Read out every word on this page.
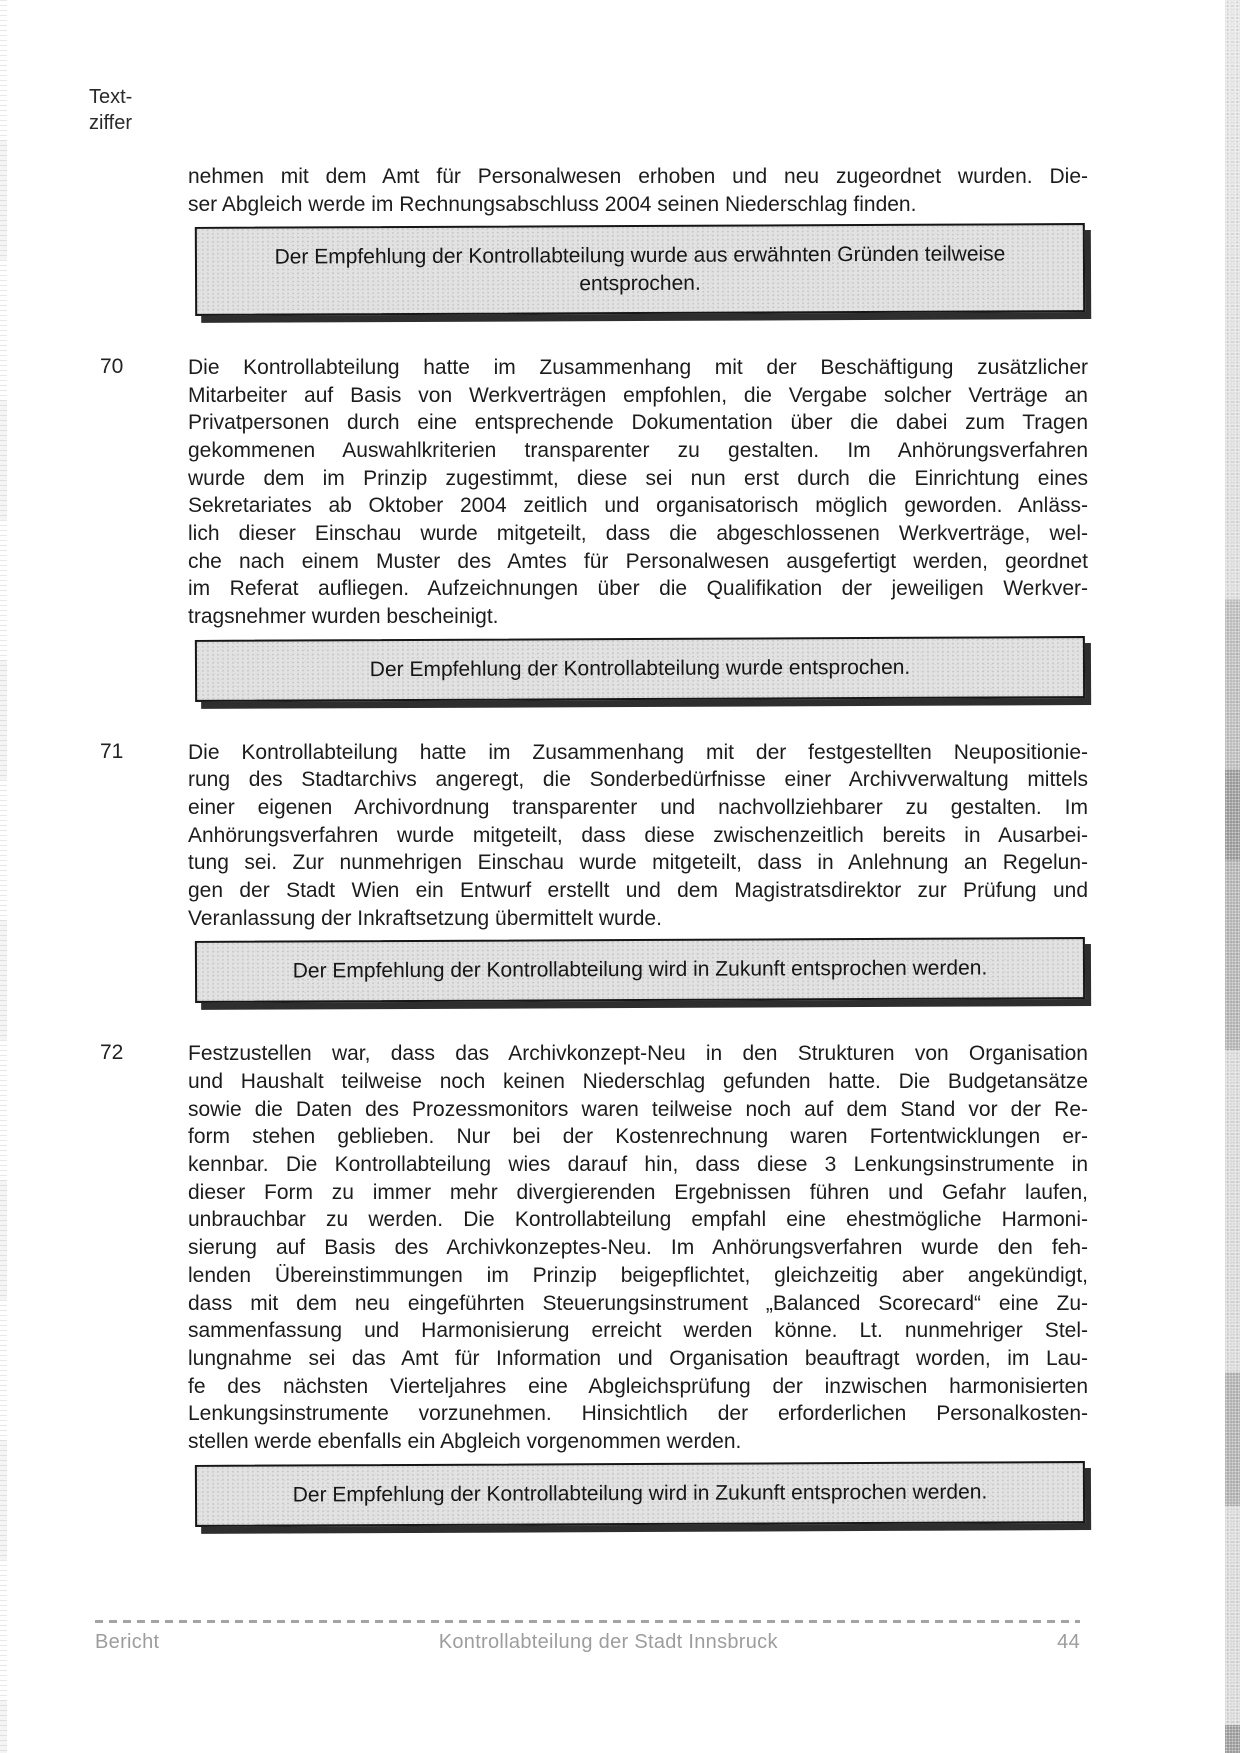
Text-
ziffer
nehmen mit dem Amt für Personalwesen erhoben und neu zugeordnet wurden. Die-
ser Abgleich werde im Rechnungsabschluss 2004 seinen Niederschlag finden.
Der Empfehlung der Kontrollabteilung wurde aus erwähnten Gründen teilweise entsprochen.
70	Die Kontrollabteilung hatte im Zusammenhang mit der Beschäftigung zusätzlicher
Mitarbeiter auf Basis von Werkverträgen empfohlen, die Vergabe solcher Verträge an
Privatpersonen durch eine entsprechende Dokumentation über die dabei zum Tragen
gekommenen Auswahlkriterien transparenter zu gestalten. Im Anhörungsverfahren
wurde dem im Prinzip zugestimmt, diese sei nun erst durch die Einrichtung eines
Sekretariates ab Oktober 2004 zeitlich und organisatorisch möglich geworden. Anläss-
lich dieser Einschau wurde mitgeteilt, dass die abgeschlossenen Werkverträge, wel-
che nach einem Muster des Amtes für Personalwesen ausgefertigt werden, geordnet
im Referat aufliegen. Aufzeichnungen über die Qualifikation der jeweiligen Werkver-
tragsnehmer wurden bescheinigt.
Der Empfehlung der Kontrollabteilung wurde entsprochen.
71	Die Kontrollabteilung hatte im Zusammenhang mit der festgestellten Neupositionie-
rung des Stadtarchivs angeregt, die Sonderbedürfnisse einer Archivverwaltung mittels
einer eigenen Archivordnung transparenter und nachvollziehbarer zu gestalten. Im
Anhörungsverfahren wurde mitgeteilt, dass diese zwischenzeitlich bereits in Ausarbei-
tung sei. Zur nunmehrigen Einschau wurde mitgeteilt, dass in Anlehnung an Regelun-
gen der Stadt Wien ein Entwurf erstellt und dem Magistratsdirektor zur Prüfung und
Veranlassung der Inkraftsetzung übermittelt wurde.
Der Empfehlung der Kontrollabteilung wird in Zukunft entsprochen werden.
72	Festzustellen war, dass das Archivkonzept-Neu in den Strukturen von Organisation
und Haushalt teilweise noch keinen Niederschlag gefunden hatte. Die Budgetansätze
sowie die Daten des Prozessmonitors waren teilweise noch auf dem Stand vor der Re-
form stehen geblieben. Nur bei der Kostenrechnung waren Fortentwicklungen er-
kennbar. Die Kontrollabteilung wies darauf hin, dass diese 3 Lenkungsinstrumente in
dieser Form zu immer mehr divergierenden Ergebnissen führen und Gefahr laufen,
unbrauchbar zu werden. Die Kontrollabteilung empfahl eine ehestmögliche Harmoni-
sierung auf Basis des Archivkonzeptes-Neu. Im Anhörungsverfahren wurde den feh-
lenden Übereinstimmungen im Prinzip beigepflichtet, gleichzeitig aber angekündigt,
dass mit dem neu eingeführten Steuerungsinstrument „Balanced Scorecard“ eine Zu-
sammenfassung und Harmonisierung erreicht werden könne. Lt. nunmehriger Stel-
lungnahme sei das Amt für Information und Organisation beauftragt worden, im Lau-
fe des nächsten Vierteljahres eine Abgleichsprüfung der inzwischen harmonisierten
Lenkungsinstrumente vorzunehmen. Hinsichtlich der erforderlichen Personalkosten-
stellen werde ebenfalls ein Abgleich vorgenommen werden.
Der Empfehlung der Kontrollabteilung wird in Zukunft entsprochen werden.
Bericht	Kontrollabteilung der Stadt Innsbruck	44
